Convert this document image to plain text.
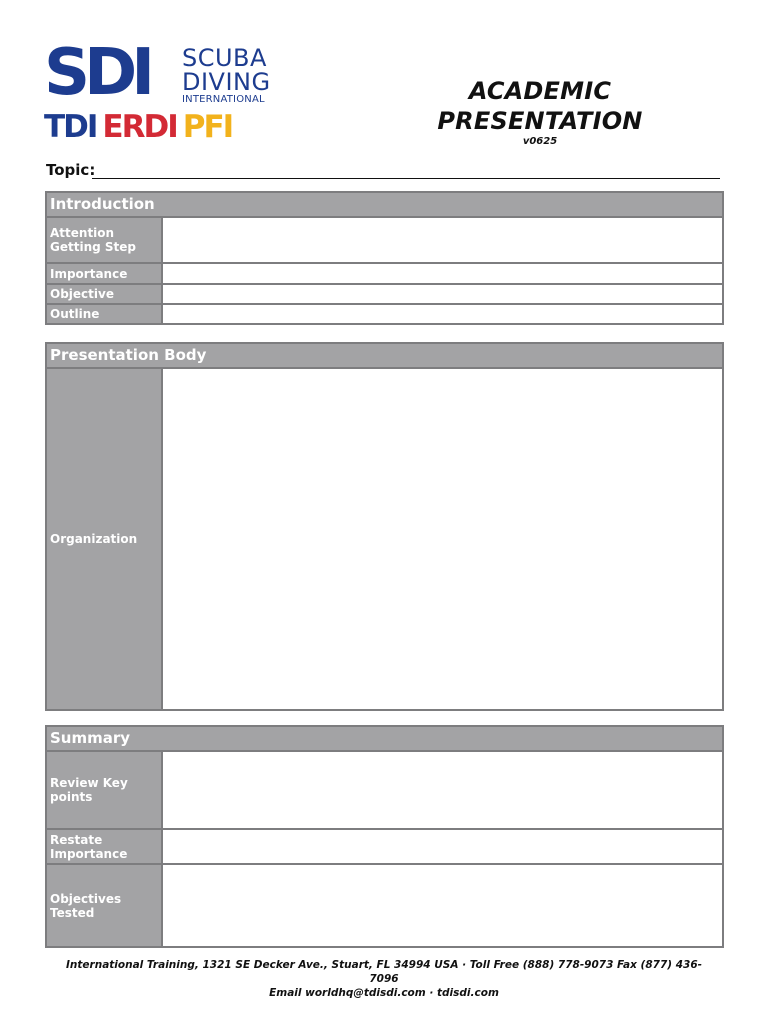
SDI SCUBA
DIVING
INTERNATIONAL
TDI ERDI PFI
ACADEMIC PRESENTATION
v0625
Topic:
Introduction
Attention Getting Step
Importance
Objective
Outline
Presentation Body
Organization
Summary
Review Key points
Restate Importance
Objectives Tested
International Training, 1321 SE Decker Ave., Stuart, FL 34994 USA · Toll Free (888) 778-9073 Fax (877) 436-7096
Email worldhq@tdisdi.com · tdisdi.com
